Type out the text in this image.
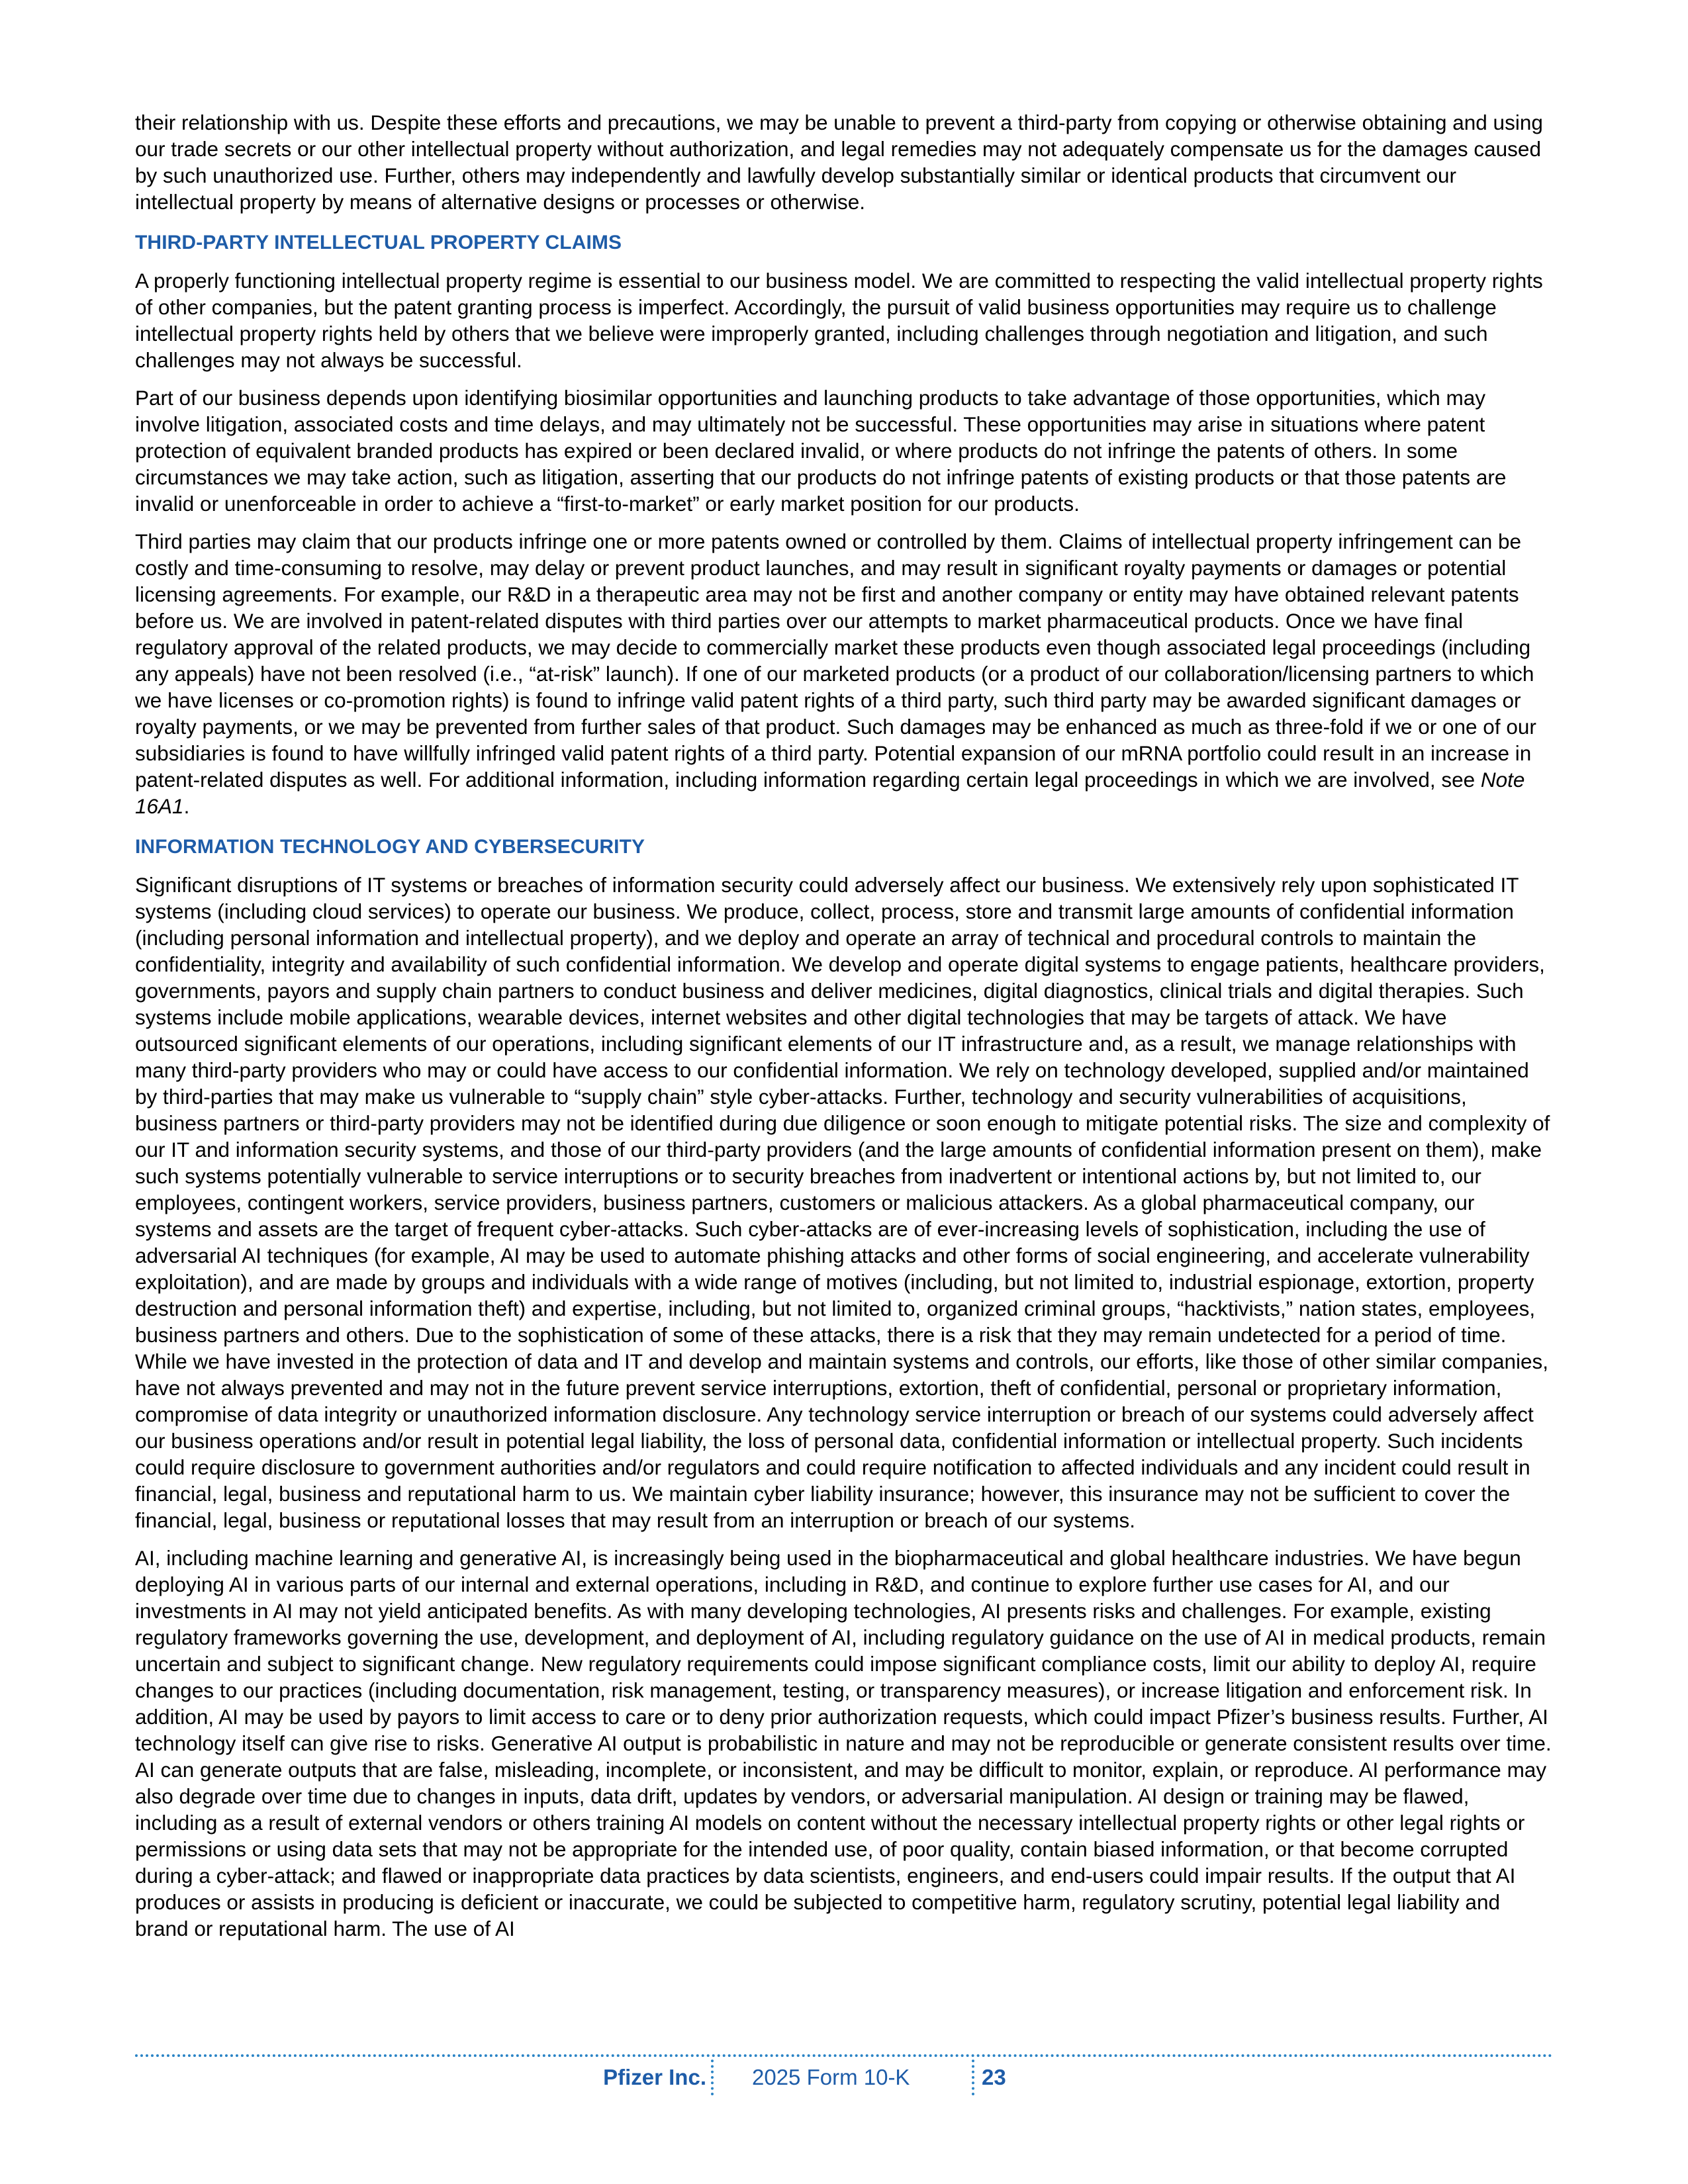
their relationship with us. Despite these efforts and precautions, we may be unable to prevent a third-party from copying or otherwise obtaining and using our trade secrets or our other intellectual property without authorization, and legal remedies may not adequately compensate us for the damages caused by such unauthorized use. Further, others may independently and lawfully develop substantially similar or identical products that circumvent our intellectual property by means of alternative designs or processes or otherwise.

THIRD-PARTY INTELLECTUAL PROPERTY CLAIMS

A properly functioning intellectual property regime is essential to our business model. We are committed to respecting the valid intellectual property rights of other companies, but the patent granting process is imperfect. Accordingly, the pursuit of valid business opportunities may require us to challenge intellectual property rights held by others that we believe were improperly granted, including challenges through negotiation and litigation, and such challenges may not always be successful.

Part of our business depends upon identifying biosimilar opportunities and launching products to take advantage of those opportunities, which may involve litigation, associated costs and time delays, and may ultimately not be successful. These opportunities may arise in situations where patent protection of equivalent branded products has expired or been declared invalid, or where products do not infringe the patents of others. In some circumstances we may take action, such as litigation, asserting that our products do not infringe patents of existing products or that those patents are invalid or unenforceable in order to achieve a “first-to-market” or early market position for our products.

Third parties may claim that our products infringe one or more patents owned or controlled by them. Claims of intellectual property infringement can be costly and time-consuming to resolve, may delay or prevent product launches, and may result in significant royalty payments or damages or potential licensing agreements. For example, our R&D in a therapeutic area may not be first and another company or entity may have obtained relevant patents before us. We are involved in patent-related disputes with third parties over our attempts to market pharmaceutical products. Once we have final regulatory approval of the related products, we may decide to commercially market these products even though associated legal proceedings (including any appeals) have not been resolved (i.e., “at-risk” launch). If one of our marketed products (or a product of our collaboration/licensing partners to which we have licenses or co-promotion rights) is found to infringe valid patent rights of a third party, such third party may be awarded significant damages or royalty payments, or we may be prevented from further sales of that product. Such damages may be enhanced as much as three-fold if we or one of our subsidiaries is found to have willfully infringed valid patent rights of a third party. Potential expansion of our mRNA portfolio could result in an increase in patent-related disputes as well. For additional information, including information regarding certain legal proceedings in which we are involved, see Note 16A1.

INFORMATION TECHNOLOGY AND CYBERSECURITY

Significant disruptions of IT systems or breaches of information security could adversely affect our business. We extensively rely upon sophisticated IT systems (including cloud services) to operate our business. We produce, collect, process, store and transmit large amounts of confidential information (including personal information and intellectual property), and we deploy and operate an array of technical and procedural controls to maintain the confidentiality, integrity and availability of such confidential information. We develop and operate digital systems to engage patients, healthcare providers, governments, payors and supply chain partners to conduct business and deliver medicines, digital diagnostics, clinical trials and digital therapies. Such systems include mobile applications, wearable devices, internet websites and other digital technologies that may be targets of attack. We have outsourced significant elements of our operations, including significant elements of our IT infrastructure and, as a result, we manage relationships with many third-party providers who may or could have access to our confidential information. We rely on technology developed, supplied and/or maintained by third-parties that may make us vulnerable to “supply chain” style cyber-attacks. Further, technology and security vulnerabilities of acquisitions, business partners or third-party providers may not be identified during due diligence or soon enough to mitigate potential risks. The size and complexity of our IT and information security systems, and those of our third-party providers (and the large amounts of confidential information present on them), make such systems potentially vulnerable to service interruptions or to security breaches from inadvertent or intentional actions by, but not limited to, our employees, contingent workers, service providers, business partners, customers or malicious attackers. As a global pharmaceutical company, our systems and assets are the target of frequent cyber-attacks. Such cyber-attacks are of ever-increasing levels of sophistication, including the use of adversarial AI techniques (for example, AI may be used to automate phishing attacks and other forms of social engineering, and accelerate vulnerability exploitation), and are made by groups and individuals with a wide range of motives (including, but not limited to, industrial espionage, extortion, property destruction and personal information theft) and expertise, including, but not limited to, organized criminal groups, “hacktivists,” nation states, employees, business partners and others. Due to the sophistication of some of these attacks, there is a risk that they may remain undetected for a period of time. While we have invested in the protection of data and IT and develop and maintain systems and controls, our efforts, like those of other similar companies, have not always prevented and may not in the future prevent service interruptions, extortion, theft of confidential, personal or proprietary information, compromise of data integrity or unauthorized information disclosure. Any technology service interruption or breach of our systems could adversely affect our business operations and/or result in potential legal liability, the loss of personal data, confidential information or intellectual property. Such incidents could require disclosure to government authorities and/or regulators and could require notification to affected individuals and any incident could result in financial, legal, business and reputational harm to us. We maintain cyber liability insurance; however, this insurance may not be sufficient to cover the financial, legal, business or reputational losses that may result from an interruption or breach of our systems.

AI, including machine learning and generative AI, is increasingly being used in the biopharmaceutical and global healthcare industries. We have begun deploying AI in various parts of our internal and external operations, including in R&D, and continue to explore further use cases for AI, and our investments in AI may not yield anticipated benefits. As with many developing technologies, AI presents risks and challenges. For example, existing regulatory frameworks governing the use, development, and deployment of AI, including regulatory guidance on the use of AI in medical products, remain uncertain and subject to significant change. New regulatory requirements could impose significant compliance costs, limit our ability to deploy AI, require changes to our practices (including documentation, risk management, testing, or transparency measures), or increase litigation and enforcement risk. In addition, AI may be used by payors to limit access to care or to deny prior authorization requests, which could impact Pfizer’s business results. Further, AI technology itself can give rise to risks. Generative AI output is probabilistic in nature and may not be reproducible or generate consistent results over time. AI can generate outputs that are false, misleading, incomplete, or inconsistent, and may be difficult to monitor, explain, or reproduce. AI performance may also degrade over time due to changes in inputs, data drift, updates by vendors, or adversarial manipulation. AI design or training may be flawed, including as a result of external vendors or others training AI models on content without the necessary intellectual property rights or other legal rights or permissions or using data sets that may not be appropriate for the intended use, of poor quality, contain biased information, or that become corrupted during a cyber-attack; and flawed or inappropriate data practices by data scientists, engineers, and end-users could impair results. If the output that AI produces or assists in producing is deficient or inaccurate, we could be subjected to competitive harm, regulatory scrutiny, potential legal liability and brand or reputational harm. The use of AI

Pfizer Inc. 2025 Form 10-K	23
